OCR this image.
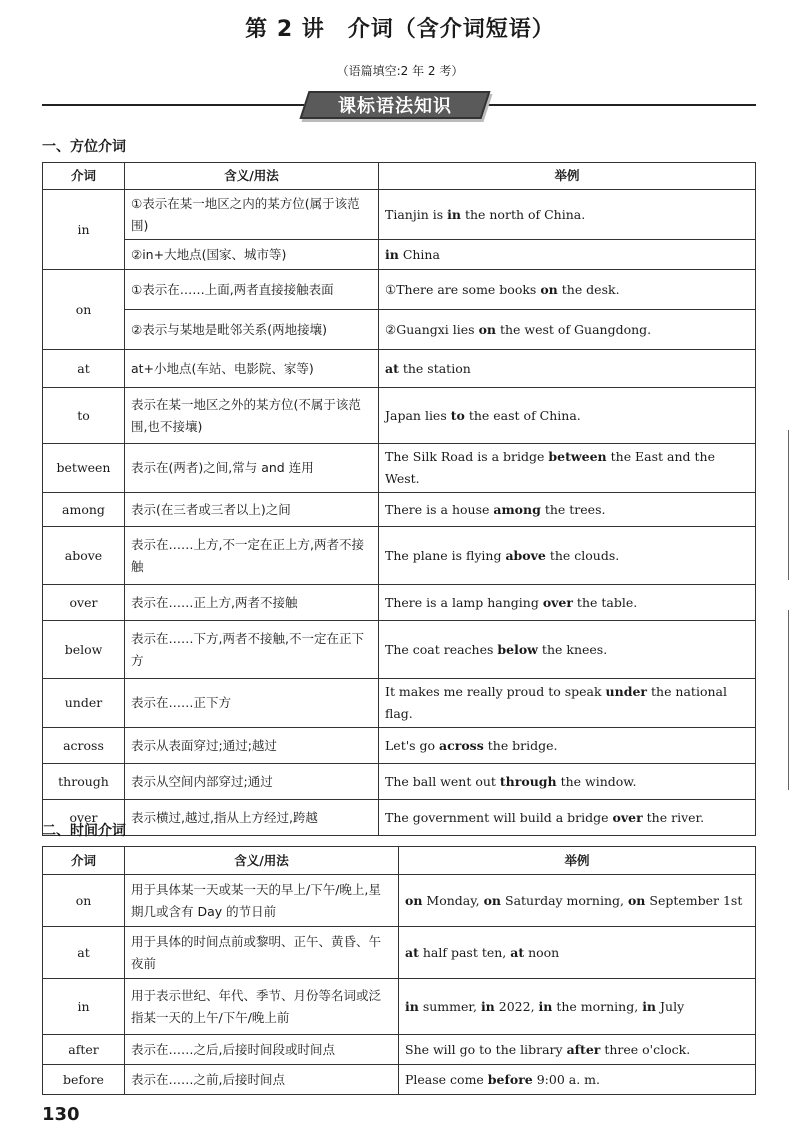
第 2 讲　介词（含介词短语）
（语篇填空:2 年 2 考）
课标语法知识
一、方位介词
介词	含义/用法	举例
in	①表示在某一地区之内的某方位(属于该范围)	Tianjin is in the north of China.
	②in+大地点(国家、城市等)	in China
on	①表示在……上面,两者直接接触表面	①There are some books on the desk.
	②表示与某地是毗邻关系(两地接壤)	②Guangxi lies on the west of Guangdong.
at	at+小地点(车站、电影院、家等)	at the station
to	表示在某一地区之外的某方位(不属于该范围,也不接壤)	Japan lies to the east of China.
between	表示在(两者)之间,常与 and 连用	The Silk Road is a bridge between the East and the West.
among	表示(在三者或三者以上)之间	There is a house among the trees.
above	表示在……上方,不一定在正上方,两者不接触	The plane is flying above the clouds.
over	表示在……正上方,两者不接触	There is a lamp hanging over the table.
below	表示在……下方,两者不接触,不一定在正下方	The coat reaches below the knees.
under	表示在……正下方	It makes me really proud to speak under the national flag.
across	表示从表面穿过;通过;越过	Let's go across the bridge.
through	表示从空间内部穿过;通过	The ball went out through the window.
over	表示横过,越过,指从上方经过,跨越	The government will build a bridge over the river.
二、时间介词
介词	含义/用法	举例
on	用于具体某一天或某一天的早上/下午/晚上,星期几或含有 Day 的节日前	on Monday, on Saturday morning, on September 1st
at	用于具体的时间点前或黎明、正午、黄昏、午夜前	at half past ten, at noon
in	用于表示世纪、年代、季节、月份等名词或泛指某一天的上午/下午/晚上前	in summer, in 2022, in the morning, in July
after	表示在……之后,后接时间段或时间点	She will go to the library after three o'clock.
before	表示在……之前,后接时间点	Please come before 9:00 a. m.
130
